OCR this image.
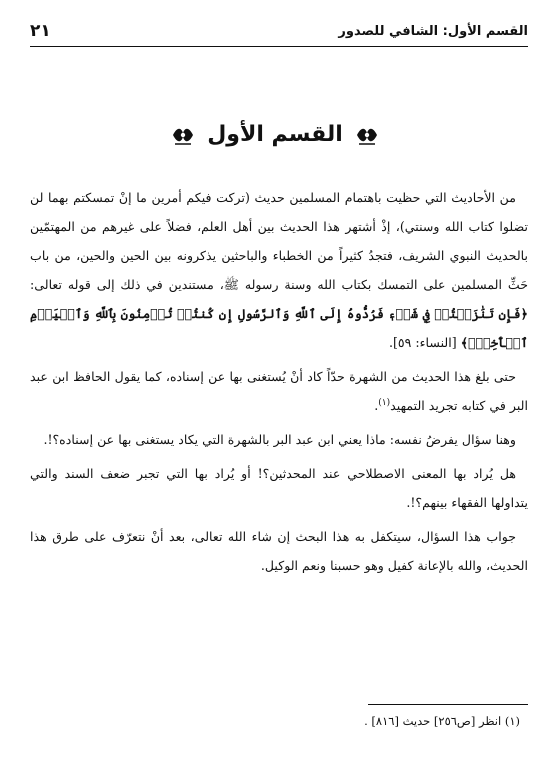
القسم الأول: الشافي للصدور
٢١
القسم الأول

من الأحاديث التي حظيت باهتمام المسلمين حديث (تركت فيكم أمرين ما إنْ تمسكتم بهما لن تضلوا كتاب الله وسنتي)، إذْ أشتهر هذا الحديث بين أهل العلم، فضلاً على غيرهم من المهتمّين بالحديث النبوي الشريف، فتجدُ كثيراً من الخطباء والباحثين يذكرونه بين الحين والحين، من باب حَثِّ المسلمين على التمسك بكتاب الله وسنة رسوله ﷺ، مستندين في ذلك إلى قوله تعالى: ﴿فَإِن تَنَٰزَعۡتُمۡ فِي شَيۡءٖ فَرُدُّوهُ إِلَى ٱللَّهِ وَٱلرَّسُولِ إِن كُنتُمۡ تُؤۡمِنُونَ بِٱللَّهِ وَٱلۡيَوۡمِ ٱلۡأٓخِرِۚ﴾ [النساء: ٥٩].

حتى بلغ هذا الحديث من الشهرة حدّاً كاد أنْ يُستغنى بها عن إسناده، كما يقول الحافظ ابن عبد البر في كتابه تجريد التمهيد$^{(١)}$.

وهنا سؤال يفرضُ نفسه: ماذا يعني ابن عبد البر بالشهرة التي يكاد يستغنى بها عن إسناده؟!.

هل يُراد بها المعنى الاصطلاحي عند المحدثين؟! أو يُراد بها التي تجبر ضعف السند والتي يتداولها الفقهاء بينهم؟!.

جواب هذا السؤال، سيتكفل به هذا البحث إن شاء الله تعالى، بعد أنْ نتعرّف على طرق هذا الحديث، والله بالإعانة كفيل وهو حسبنا ونعم الوكيل.

(١) انظر [ص٢٥٦] حديث [٨١٦] .
